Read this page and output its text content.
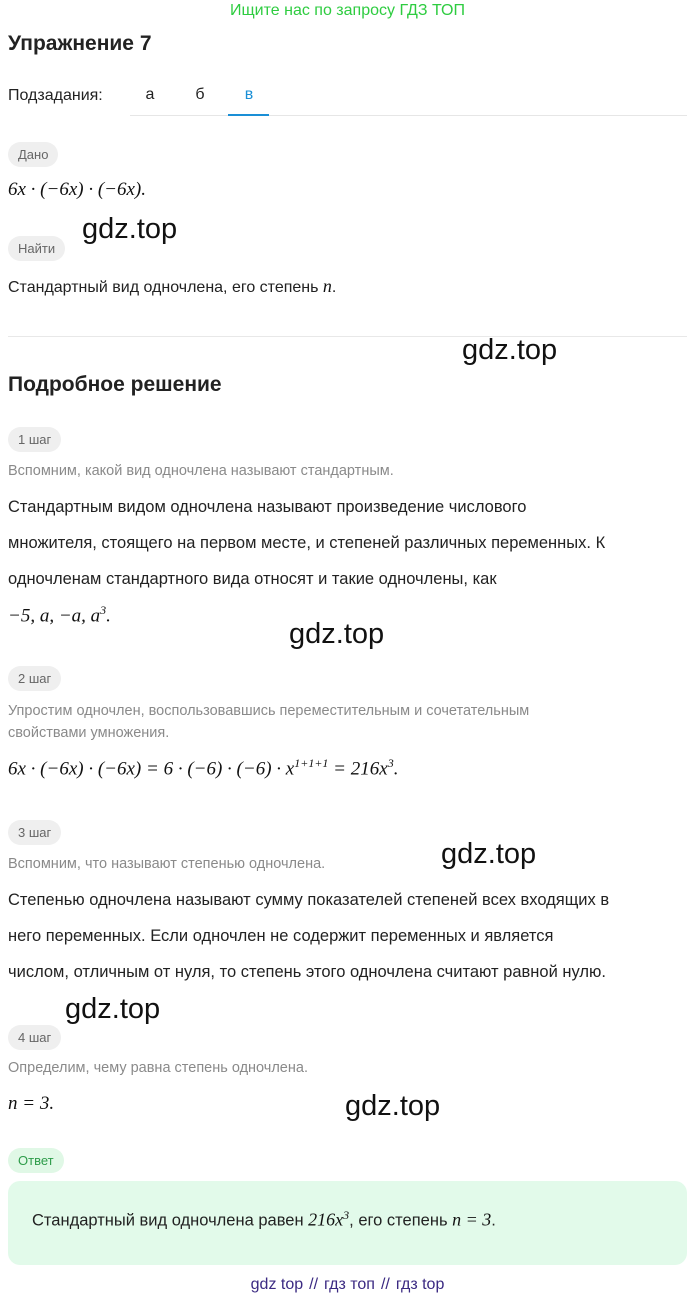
Ищите нас по запросу ГДЗ ТОП
Упражнение 7
Подзадания:	а	б	в
Дано
6x · (−6x) · (−6x).
Найти
gdz.top
Стандартный вид одночлена, его степень n.
gdz.top
Подробное решение
1 шаг
Вспомним, какой вид одночлена называют стандартным.
Стандартным видом одночлена называют произведение числового
множителя, стоящего на первом месте, и степеней различных переменных. К
одночленам стандартного вида относят и такие одночлены, как
−5, a, −a, $a^3$.
gdz.top
2 шаг
Упростим одночлен, воспользовавшись переместительным и сочетательным
свойствами умножения.
$6x \cdot (-6x) \cdot (-6x) = 6 \cdot (-6) \cdot (-6) \cdot x^{1+1+1} = 216x^3$.
3 шаг
gdz.top
Вспомним, что называют степенью одночлена.
Степенью одночлена называют сумму показателей степеней всех входящих в
него переменных. Если одночлен не содержит переменных и является
числом, отличным от нуля, то степень этого одночлена считают равной нулю.
gdz.top
4 шаг
Определим, чему равна степень одночлена.
n = 3.	gdz.top
Ответ
Стандартный вид одночлена равен $216x^3$, его степень n = 3.
gdz top // гдз топ // гдз top
